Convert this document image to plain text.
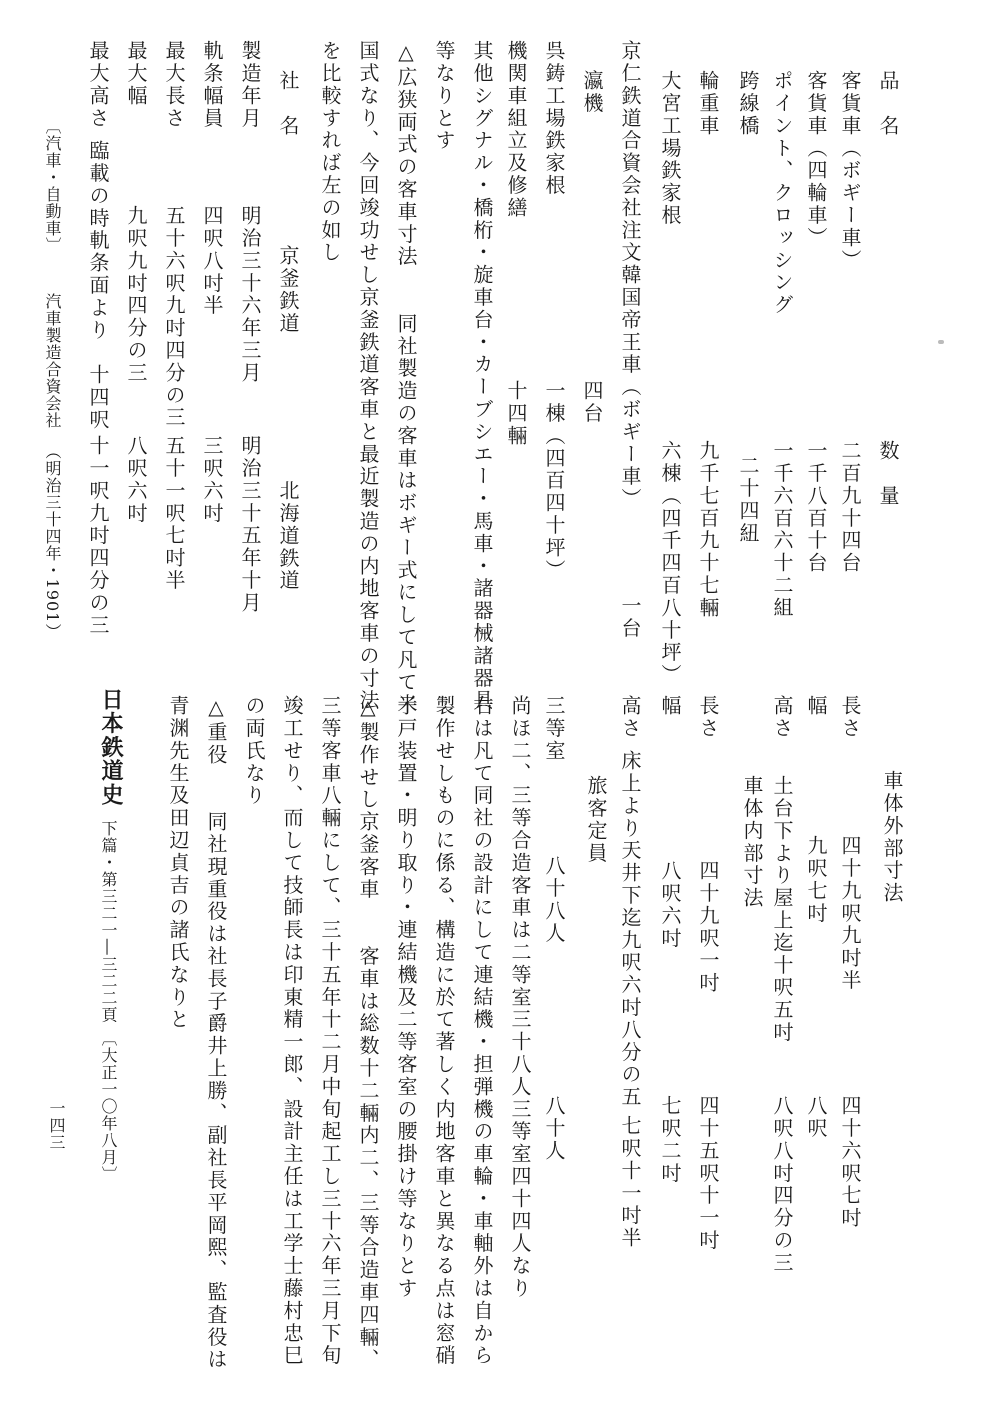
品　名
数　量
客貨車（ボギー車）
二百九十四台
客貨車（四輪車）
一千八百十台
ポイント、クロッシング
一千六百六十二組
跨線橋
二十四紐
輪重車
九千七百九十七輛
大宮工場鉄家根
六棟（四千四百八十坪）
京仁鉄道合資会社注文韓国帝王車（ボギー車）
一台
瀛機
四台
呉鋳工場鉄家根
一棟（四百四十坪）
機関車組立及修繕
十四輛
其他シグナル・橋桁・旋車台・カーブシエー・馬車・諸器械諸器具
等なりとす
△広狭両式の客車寸法　　同社製造の客車はボギー式にして凡て米
国式なり、今回竣功せし京釜鉄道客車と最近製造の内地客車の寸法
を比較すれば左の如し
社　名
京釜鉄道
北海道鉄道
製造年月
明治三十六年三月
明治三十五年十月
軌条幅員
四呎八吋半
三呎六吋
最大長さ
五十六呎九吋四分の三
五十一呎七吋半
最大幅
九呎九吋四分の三
八呎六吋
最大高さ
臨載の時軌条面より　十四呎
十一呎九吋四分の三
〔汽車・自動車〕
汽車製造合資会社
（明治三十四年・1901）
車体外部寸法
長さ
四十九呎九吋半
四十六呎七吋
幅
九呎七吋
八呎
高さ
土台下より屋上迄十呎五吋
八呎八吋四分の三
車体内部寸法
長さ
四十九呎一吋
四十五呎十一吋
幅
八呎六吋
七呎二吋
高さ
床上より天井下迄九呎六吋八分の五
七呎十一吋半
旅客定員
三等室
八十八人
八十人
尚ほ二、三等合造客車は二等室三十八人三等室四十四人なり
右は凡て同社の設計にして連結機・担弾機の車輪・車軸外は自から
製作せしものに係る、構造に於て著しく内地客車と異なる点は窓硝
子戸装置・明り取り・連結機及二等客室の腰掛け等なりとす
△製作せし京釜客車　　客車は総数十二輛内二、三等合造車四輛、
三等客車八輛にして、三十五年十二月中旬起工し三十六年三月下旬
竣工せり、而して技師長は印東精一郎、設計主任は工学士藤村忠巳
の両氏なり
△重役　　同社現重役は社長子爵井上勝、副社長平岡熙、監査役は
青渊先生及田辺貞吉の諸氏なりと
日本鉄道史
下篇・第三二一―三二二頁
〔大正一〇年八月〕
一四三
